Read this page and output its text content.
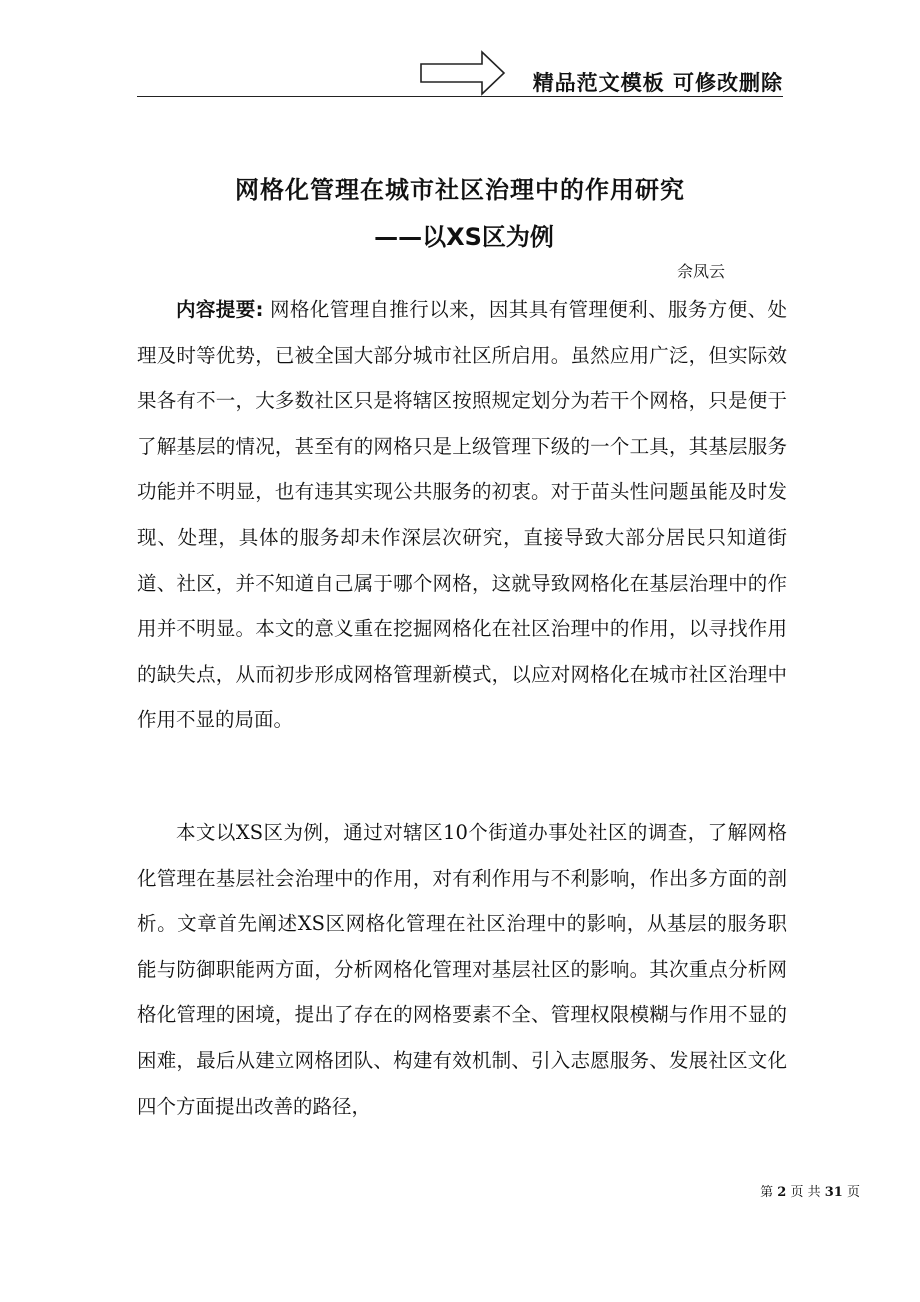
精品范文模板 可修改删除
网格化管理在城市社区治理中的作用研究
——以XS区为例
佘凤云

内容提要: 网格化管理自推行以来，因其具有管理便利、服务方便、处理及时等优势，已被全国大部分城市社区所启用。虽然应用广泛，但实际效果各有不一，大多数社区只是将辖区按照规定划分为若干个网格，只是便于了解基层的情况，甚至有的网格只是上级管理下级的一个工具，其基层服务功能并不明显，也有违其实现公共服务的初衷。对于苗头性问题虽能及时发现、处理，具体的服务却未作深层次研究，直接导致大部分居民只知道街道、社区，并不知道自己属于哪个网格，这就导致网格化在基层治理中的作用并不明显。本文的意义重在挖掘网格化在社区治理中的作用，以寻找作用的缺失点，从而初步形成网格管理新模式，以应对网格化在城市社区治理中作用不显的局面。

本文以XS区为例，通过对辖区10个街道办事处社区的调查，了解网格化管理在基层社会治理中的作用，对有利作用与不利影响，作出多方面的剖析。文章首先阐述XS区网格化管理在社区治理中的影响，从基层的服务职能与防御职能两方面，分析网格化管理对基层社区的影响。其次重点分析网格化管理的困境，提出了存在的网格要素不全、管理权限模糊与作用不显的困难，最后从建立网格团队、构建有效机制、引入志愿服务、发展社区文化四个方面提出改善的路径，

第 2 页 共 31 页
